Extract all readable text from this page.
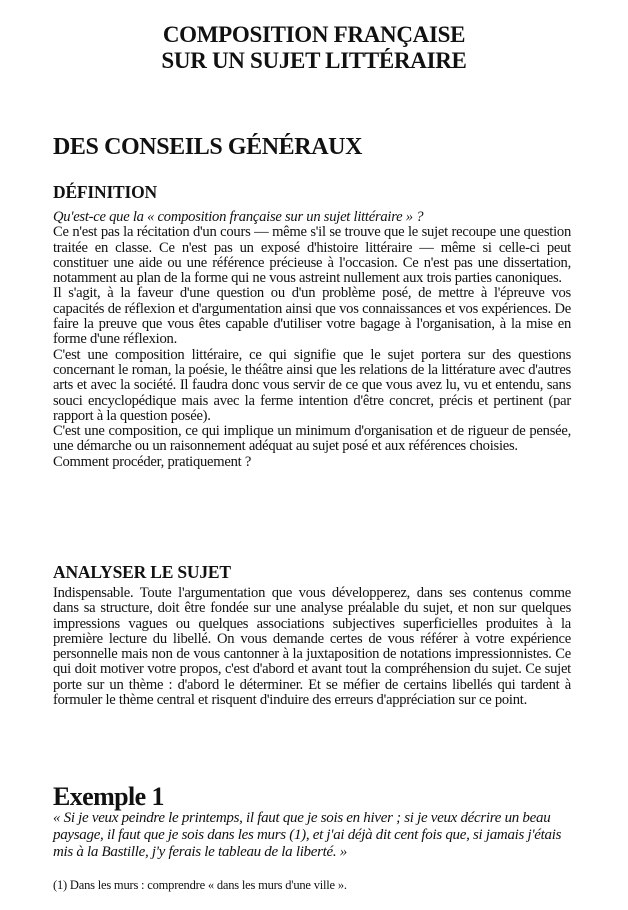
COMPOSITION FRANÇAISE
SUR UN SUJET LITTÉRAIRE
DES CONSEILS GÉNÉRAUX
DÉFINITION

Qu'est-ce que la « composition française sur un sujet littéraire » ?

Ce n'est pas la récitation d'un cours — même s'il se trouve que le sujet recoupe une question traitée en classe. Ce n'est pas un exposé d'histoire littéraire — même si celle-ci peut constituer une aide ou une référence précieuse à l'occasion. Ce n'est pas une dissertation, notamment au plan de la forme qui ne vous astreint nullement aux trois parties canoniques.

Il s'agit, à la faveur d'une question ou d'un problème posé, de mettre à l'épreuve vos capacités de réflexion et d'argumentation ainsi que vos connaissances et vos expériences. De faire la preuve que vous êtes capable d'utiliser votre bagage à l'organisation, à la mise en forme d'une réflexion.

C'est une composition littéraire, ce qui signifie que le sujet portera sur des questions concernant le roman, la poésie, le théâtre ainsi que les relations de la littérature avec d'autres arts et avec la société. Il faudra donc vous servir de ce que vous avez lu, vu et entendu, sans souci encyclopédique mais avec la ferme intention d'être concret, précis et pertinent (par rapport à la question posée).

C'est une composition, ce qui implique un minimum d'organisation et de rigueur de pensée, une démarche ou un raisonnement adéquat au sujet posé et aux références choisies.

Comment procéder, pratiquement ?

ANALYSER LE SUJET

Indispensable. Toute l'argumentation que vous développerez, dans ses contenus comme dans sa structure, doit être fondée sur une analyse préalable du sujet, et non sur quelques impressions vagues ou quelques associations subjectives superficielles produites à la première lecture du libellé. On vous demande certes de vous référer à votre expérience personnelle mais non de vous cantonner à la juxtaposition de notations impressionnistes. Ce qui doit motiver votre propos, c'est d'abord et avant tout la compréhension du sujet. Ce sujet porte sur un thème : d'abord le déterminer. Et se méfier de certains libellés qui tardent à formuler le thème central et risquent d'induire des erreurs d'appréciation sur ce point.

Exemple 1
« Si je veux peindre le printemps, il faut que je sois en hiver ; si je veux décrire un beau paysage, il faut que je sois dans les murs (1), et j'ai déjà dit cent fois que, si jamais j'étais mis à la Bastille, j'y ferais le tableau de la liberté. »
(1) Dans les murs : comprendre « dans les murs d'une ville ».
